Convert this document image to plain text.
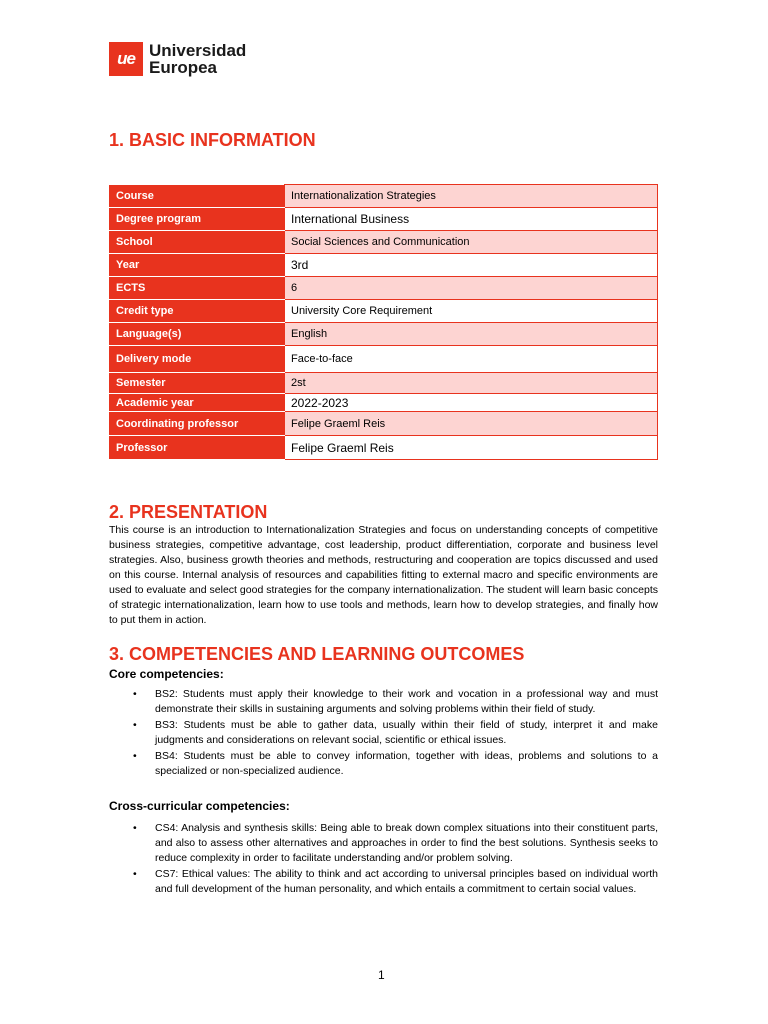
ue Universidad
Europea
1. BASIC INFORMATION
Course	Internationalization Strategies
Degree program	International Business
School	Social Sciences and Communication
Year	3rd
ECTS	6
Credit type	University Core Requirement
Language(s)	English
Delivery mode	Face-to-face
Semester	2st
Academic year	2022-2023
Coordinating professor	Felipe Graeml Reis
Professor	Felipe Graeml Reis
2. PRESENTATION

This course is an introduction to Internationalization Strategies and focus on understanding concepts of competitive business strategies, competitive advantage, cost leadership, product differentiation, corporate and business level strategies. Also, business growth theories and methods, restructuring and cooperation are topics discussed and used on this course. Internal analysis of resources and capabilities fitting to external macro and specific environments are used to evaluate and select good strategies for the company internationalization. The student will learn basic concepts of strategic internationalization, learn how to use tools and methods, learn how to develop strategies, and finally how to put them in action.

3. COMPETENCIES AND LEARNING OUTCOMES

Core competencies:

• BS2: Students must apply their knowledge to their work and vocation in a professional way and must demonstrate their skills in sustaining arguments and solving problems within their field of study.
• BS3: Students must be able to gather data, usually within their field of study, interpret it and make judgments and considerations on relevant social, scientific or ethical issues.
• BS4: Students must be able to convey information, together with ideas, problems and solutions to a specialized or non-specialized audience.

Cross-curricular competencies:

• CS4: Analysis and synthesis skills: Being able to break down complex situations into their constituent parts, and also to assess other alternatives and approaches in order to find the best solutions. Synthesis seeks to reduce complexity in order to facilitate understanding and/or problem solving.
• CS7: Ethical values: The ability to think and act according to universal principles based on individual worth and full development of the human personality, and which entails a commitment to certain social values.
1
